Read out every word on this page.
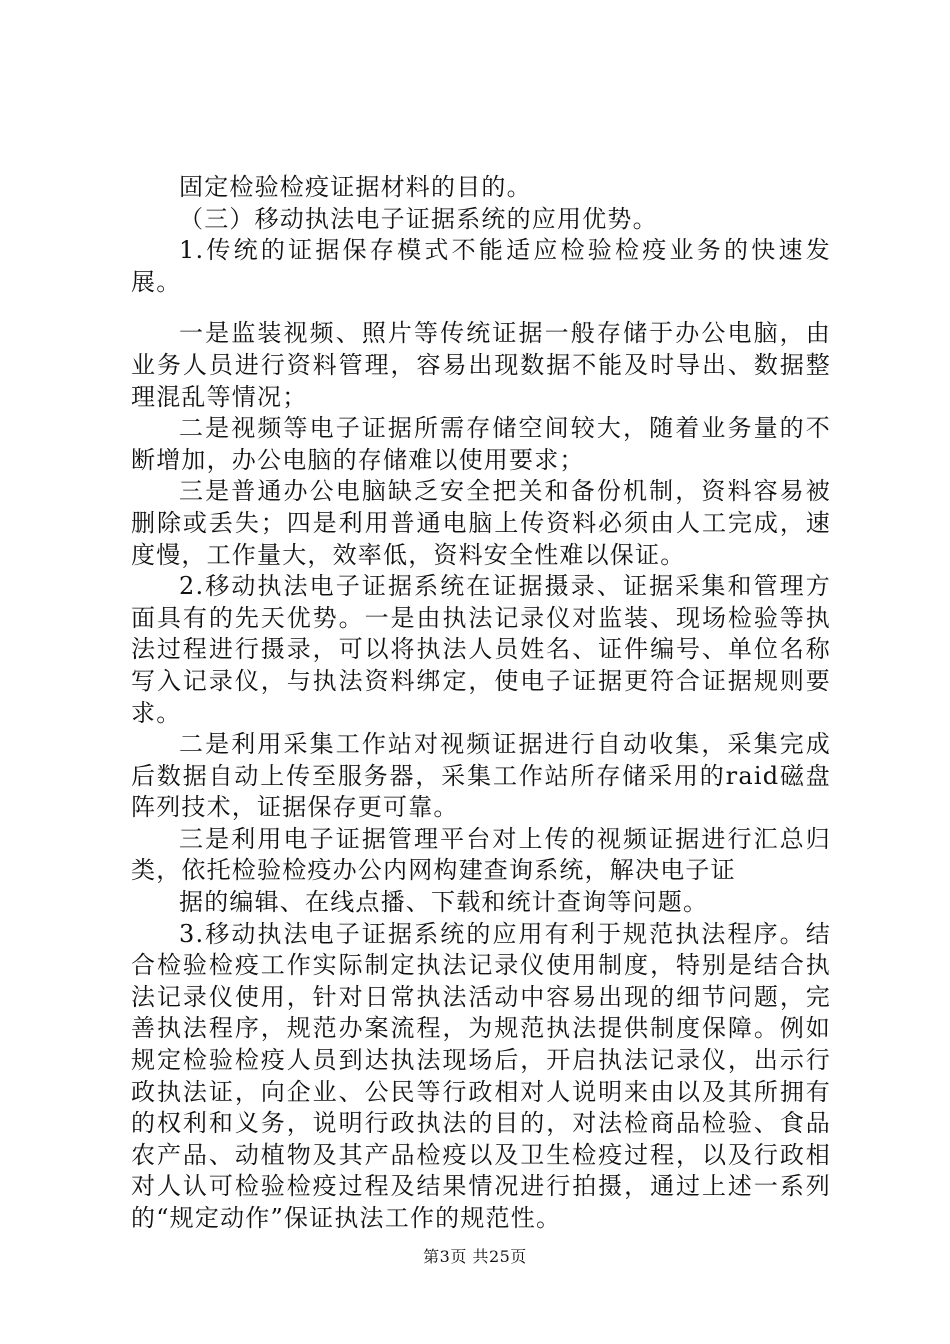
固定检验检疫证据材料的目的。

（三）移动执法电子证据系统的应用优势。

1.传统的证据保存模式不能适应检验检疫业务的快速发展。

一是监装视频、照片等传统证据一般存储于办公电脑，由业务人员进行资料管理，容易出现数据不能及时导出、数据整理混乱等情况；

二是视频等电子证据所需存储空间较大，随着业务量的不断增加，办公电脑的存储难以使用要求；

三是普通办公电脑缺乏安全把关和备份机制，资料容易被删除或丢失；四是利用普通电脑上传资料必须由人工完成，速度慢，工作量大，效率低，资料安全性难以保证。

2.移动执法电子证据系统在证据摄录、证据采集和管理方面具有的先天优势。一是由执法记录仪对监装、现场检验等执法过程进行摄录，可以将执法人员姓名、证件编号、单位名称写入记录仪，与执法资料绑定，使电子证据更符合证据规则要求。

二是利用采集工作站对视频证据进行自动收集，采集完成后数据自动上传至服务器，采集工作站所存储采用的raid磁盘阵列技术，证据保存更可靠。

三是利用电子证据管理平台对上传的视频证据进行汇总归类，依托检验检疫办公内网构建查询系统，解决电子证

据的编辑、在线点播、下载和统计查询等问题。

3.移动执法电子证据系统的应用有利于规范执法程序。结合检验检疫工作实际制定执法记录仪使用制度，特别是结合执法记录仪使用，针对日常执法活动中容易出现的细节问题，完善执法程序，规范办案流程，为规范执法提供制度保障。例如规定检验检疫人员到达执法现场后，开启执法记录仪，出示行政执法证，向企业、公民等行政相对人说明来由以及其所拥有的权利和义务，说明行政执法的目的，对法检商品检验、食品农产品、动植物及其产品检疫以及卫生检疫过程，以及行政相对人认可检验检疫过程及结果情况进行拍摄，通过上述一系列的“规定动作”保证执法工作的规范性。

第3页 共25页
